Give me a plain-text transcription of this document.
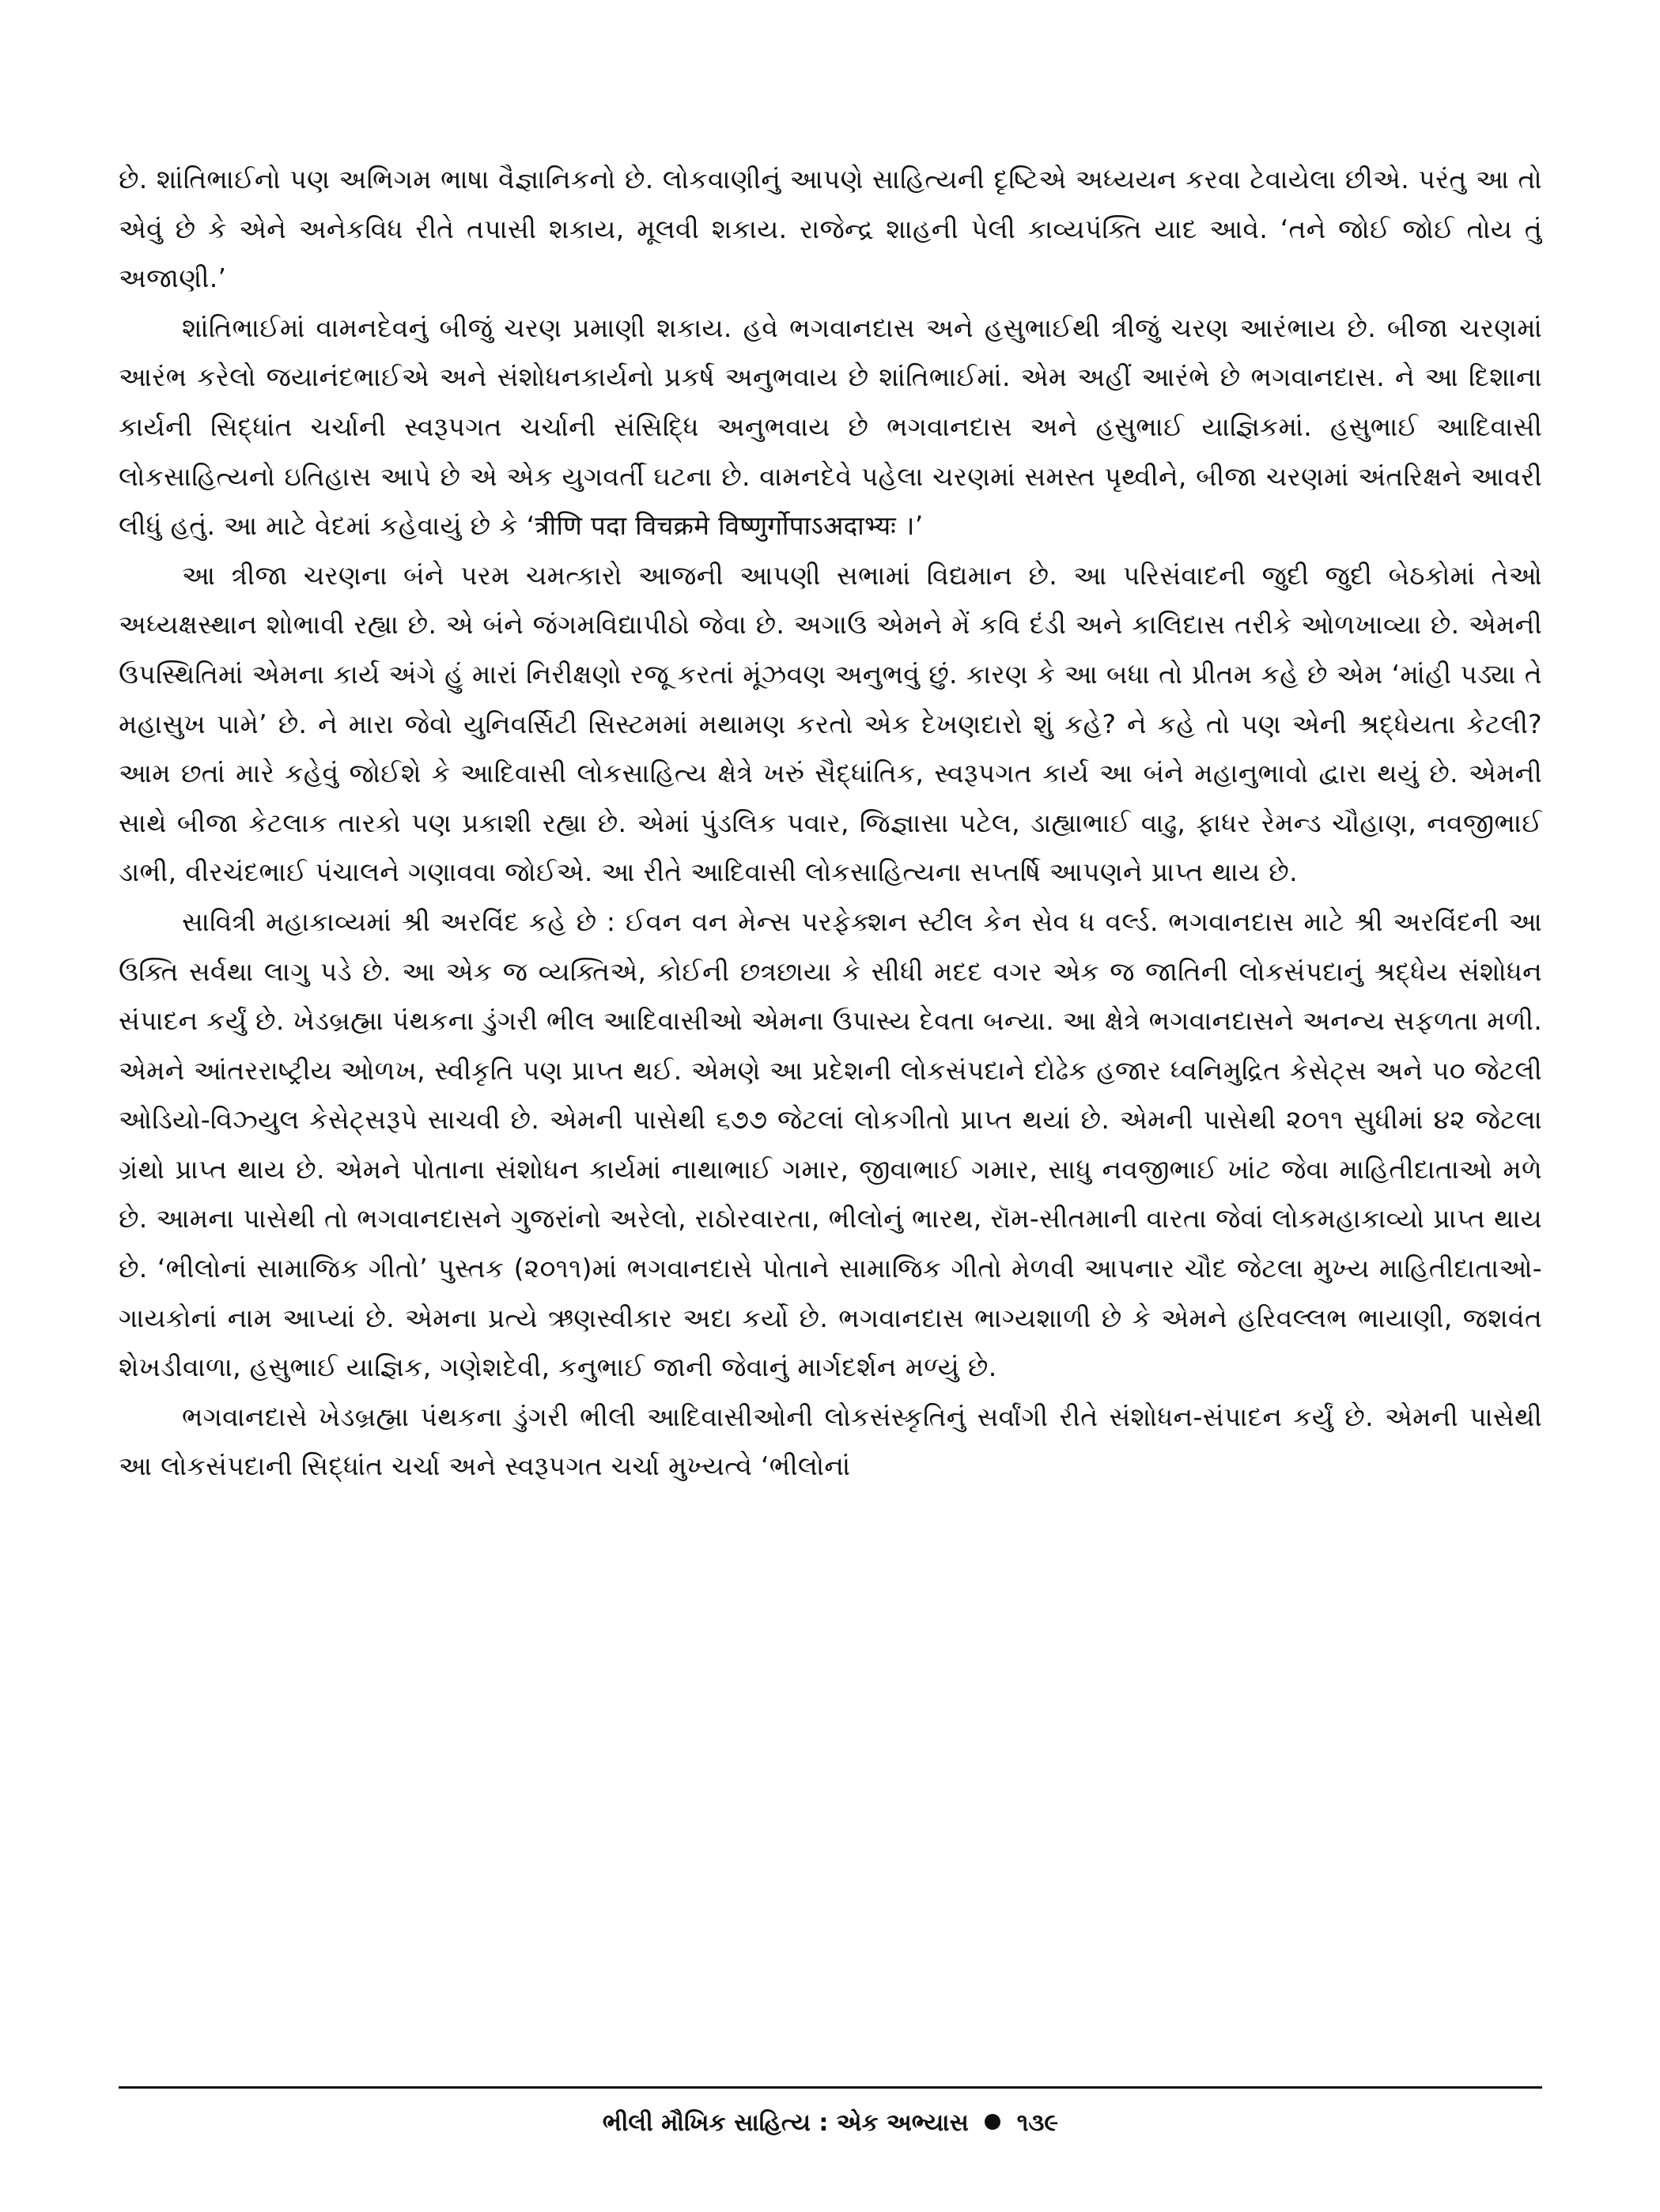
છે. શાંતિભાઈનો પણ અભિગમ ભાષા વૈજ્ઞાનિકનો છે. લોકવાણીનું આપણે સાહિત્યની દૃષ્ટિએ અધ્યયન કરવા ટેવાયેલા છીએ. પરંતુ આ તો એવું છે કે એને અનેકવિધ રીતે તપાસી શકાય, મૂલવી શકાય. રાજેન્દ્ર શાહની પેલી કાવ્યપંક્તિ યાદ આવે. ‘તને જોઈ જોઈ તોય તું અજાણી.’

શાંતિભાઈમાં વામનદેવનું બીજું ચરણ પ્રમાણી શકાય. હવે ભગવાનદાસ અને હસુભાઈથી ત્રીજું ચરણ આરંભાય છે. બીજા ચરણમાં આરંભ કરેલો જયાનંદભાઈએ અને સંશોધનકાર્યનો પ્રકર્ષ અનુભવાય છે શાંતિભાઈમાં. એમ અહીં આરંભે છે ભગવાનદાસ. ને આ દિશાના કાર્યની સિદ્ધાંત ચર્ચાની સ્વરૂપગત ચર્ચાની સંસિદ્ધિ અનુભવાય છે ભગવાનદાસ અને હસુભાઈ યાજ્ઞિકમાં. હસુભાઈ આદિવાસી લોકસાહિત્યનો ઇતિહાસ આપે છે એ એક યુગવર્તી ઘટના છે. વામનદેવે પહેલા ચરણમાં સમસ્ત પૃથ્વીને, બીજા ચરણમાં અંતરિક્ષને આવરી લીધું હતું. આ માટે વેદમાં કહેવાયું છે કે ‘त्रीणि पदा विचक्रमे विष्णुर्गोपाऽअदाभ्यः ।’

આ ત્રીજા ચરણના બંને પરમ ચમત્કારો આજની આપણી સભામાં વિદ્યમાન છે. આ પરિસંવાદની જુદી જુદી બેઠકોમાં તેઓ અધ્યક્ષસ્થાન શોભાવી રહ્યા છે. એ બંને જંગમવિદ્યાપીઠો જેવા છે. અગાઉ એમને મેં કવિ દંડી અને કાલિદાસ તરીકે ઓળખાવ્યા છે. એમની ઉપસ્થિતિમાં એમના કાર્ય અંગે હું મારાં નિરીક્ષણો રજૂ કરતાં મૂંઝવણ અનુભવું છું. કારણ કે આ બધા તો પ્રીતમ કહે છે એમ ‘માંહી પડ્યા તે મહાસુખ પામે’ છે. ને મારા જેવો યુનિવર્સિટી સિસ્ટમમાં મથામણ કરતો એક દેખણદારો શું કહે? ને કહે તો પણ એની શ્રદ્ધેયતા કેટલી? આમ છતાં મારે કહેવું જોઈશે કે આદિવાસી લોકસાહિત્ય ક્ષેત્રે ખરું સૈદ્ધાંતિક, સ્વરૂપગત કાર્ય આ બંને મહાનુભાવો દ્વારા થયું છે. એમની સાથે બીજા કેટલાક તારકો પણ પ્રકાશી રહ્યા છે. એમાં પુંડલિક પવાર, જિજ્ઞાસા પટેલ, ડાહ્યાભાઈ વાઢુ, ફાધર રેમન્ડ ચૌહાણ, નવજીભાઈ ડાભી, વીરચંદભાઈ પંચાલને ગણાવવા જોઈએ. આ રીતે આદિવાસી લોકસાહિત્યના સપ્તર્ષિ આપણને પ્રાપ્ત થાય છે.

સાવિત્રી મહાકાવ્યમાં શ્રી અરવિંદ કહે છે : ઈવન વન મેન્સ પરફેક્શન સ્ટીલ કેન સેવ ધ વર્લ્ડ. ભગવાનદાસ માટે શ્રી અરવિંદની આ ઉક્તિ સર્વથા લાગુ પડે છે. આ એક જ વ્યક્તિએ, કોઈની છત્રછાયા કે સીધી મદદ વગર એક જ જાતિની લોકસંપદાનું શ્રદ્ધેય સંશોધન સંપાદન કર્યું છે. ખેડબ્રહ્મા પંથકના ડુંગરી ભીલ આદિવાસીઓ એમના ઉપાસ્ય દેવતા બન્યા. આ ક્ષેત્રે ભગવાનદાસને અનન્ય સફળતા મળી. એમને આંતરરાષ્ટ્રીય ઓળખ, સ્વીકૃતિ પણ પ્રાપ્ત થઈ. એમણે આ પ્રદેશની લોકસંપદાને દોઢેક હજાર ધ્વનિમુદ્રિત કેસેટ્સ અને ૫૦ જેટલી ઓડિયો-વિઝ્યુલ કેસેટ્સરૂપે સાચવી છે. એમની પાસેથી ૬૭૭ જેટલાં લોકગીતો પ્રાપ્ત થયાં છે. એમની પાસેથી ૨૦૧૧ સુધીમાં ૪૨ જેટલા ગ્રંથો પ્રાપ્ત થાય છે. એમને પોતાના સંશોધન કાર્યમાં નાથાભાઈ ગમાર, જીવાભાઈ ગમાર, સાધુ નવજીભાઈ ખાંટ જેવા માહિતીદાતાઓ મળે છે. આમના પાસેથી તો ભગવાનદાસને ગુજરાંનો અરેલો, રાઠોરવારતા, ભીલોનું ભારથ, રૉમ-સીતમાની વારતા જેવાં લોકમહાકાવ્યો પ્રાપ્ત થાય છે. ‘ભીલોનાં સામાજિક ગીતો’ પુસ્તક (૨૦૧૧)માં ભગવાનદાસે પોતાને સામાજિક ગીતો મેળવી આપનાર ચૌદ જેટલા મુખ્ય માહિતીદાતાઓ-ગાયકોનાં નામ આપ્યાં છે. એમના પ્રત્યે ઋણસ્વીકાર અદા કર્યો છે. ભગવાનદાસ ભાગ્યશાળી છે કે એમને હરિવલ્લભ ભાયાણી, જશવંત શેખડીવાળા, હસુભાઈ યાજ્ઞિક, ગણેશદેવી, કનુભાઈ જાની જેવાનું માર્ગદર્શન મળ્યું છે.

ભગવાનદાસે ખેડબ્રહ્મા પંથકના ડુંગરી ભીલી આદિવાસીઓની લોકસંસ્કૃતિનું સર્વાંગી રીતે સંશોધન-સંપાદન કર્યું છે. એમની પાસેથી આ લોકસંપદાની સિદ્ધાંત ચર્ચા અને સ્વરૂપગત ચર્ચા મુખ્યત્વે ‘ભીલોનાં

ભીલી મૌખિક સાહિત્ય : એક અભ્યાસ ૧૩૯
